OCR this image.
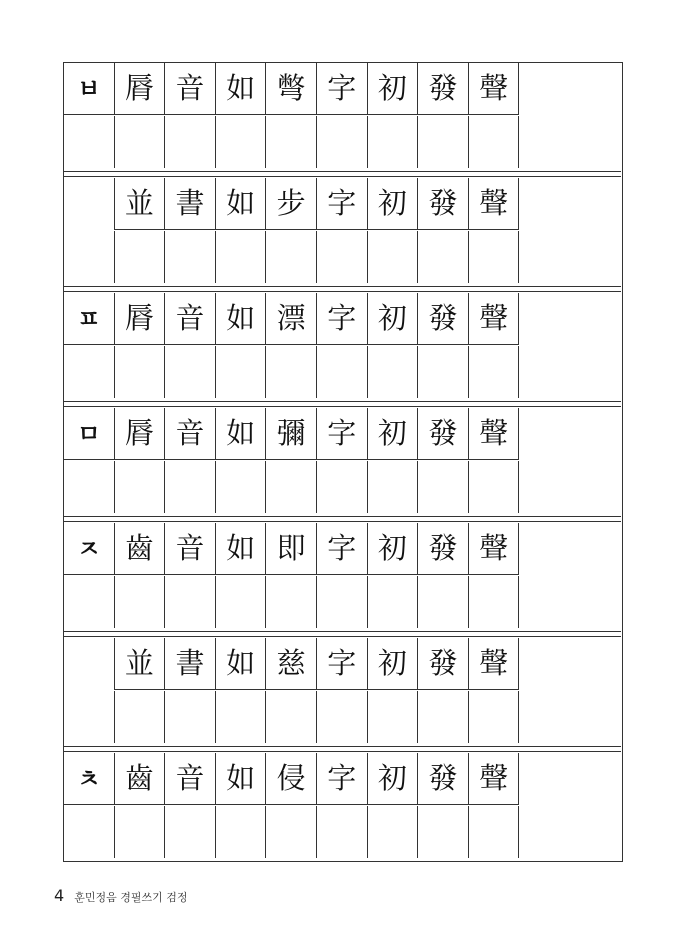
ㅂ 脣 音 如 彆 字 初 發 聲
並 書 如 步 字 初 發 聲
ㅍ 脣 音 如 漂 字 初 發 聲
ㅁ 脣 音 如 彌 字 初 發 聲
ㅈ 齒 音 如 即 字 初 發 聲
並 書 如 慈 字 初 發 聲
ㅊ 齒 音 如 侵 字 初 發 聲
4 훈민정음 경필쓰기 검정
